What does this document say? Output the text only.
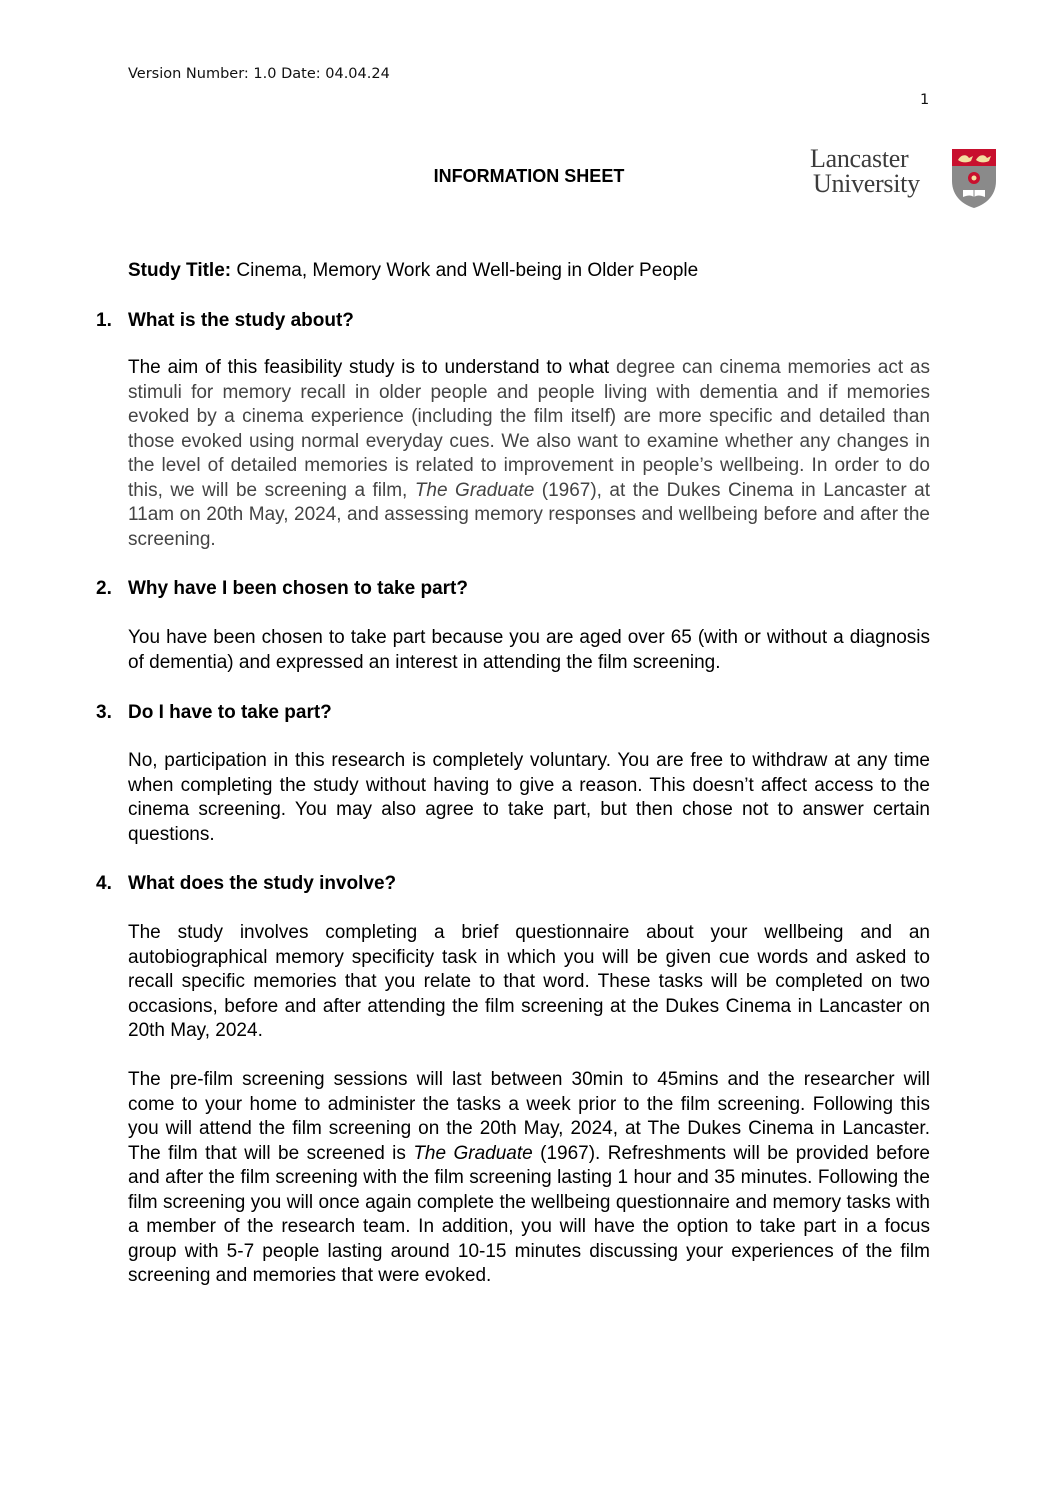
Version Number: 1.0 Date: 04.04.24
1
Lancaster
University
INFORMATION SHEET
Study Title: Cinema, Memory Work and Well-being in Older People
1. What is the study about?
The aim of this feasibility study is to understand to what degree can cinema memories act as stimuli for memory recall in older people and people living with dementia and if memories evoked by a cinema experience (including the film itself) are more specific and detailed than those evoked using normal everyday cues. We also want to examine whether any changes in the level of detailed memories is related to improvement in people’s wellbeing. In order to do this, we will be screening a film, The Graduate (1967), at the Dukes Cinema in Lancaster at 11am on 20th May, 2024, and assessing memory responses and wellbeing before and after the screening.
2. Why have I been chosen to take part?
You have been chosen to take part because you are aged over 65 (with or without a diagnosis of dementia) and expressed an interest in attending the film screening.
3. Do I have to take part?
No, participation in this research is completely voluntary. You are free to withdraw at any time when completing the study without having to give a reason. This doesn’t affect access to the cinema screening. You may also agree to take part, but then chose not to answer certain questions.
4. What does the study involve?
The study involves completing a brief questionnaire about your wellbeing and an autobiographical memory specificity task in which you will be given cue words and asked to recall specific memories that you relate to that word. These tasks will be completed on two occasions, before and after attending the film screening at the Dukes Cinema in Lancaster on 20th May, 2024.
The pre-film screening sessions will last between 30min to 45mins and the researcher will come to your home to administer the tasks a week prior to the film screening. Following this you will attend the film screening on the 20th May, 2024, at The Dukes Cinema in Lancaster. The film that will be screened is The Graduate (1967). Refreshments will be provided before and after the film screening with the film screening lasting 1 hour and 35 minutes. Following the film screening you will once again complete the wellbeing questionnaire and memory tasks with a member of the research team. In addition, you will have the option to take part in a focus group with 5-7 people lasting around 10-15 minutes discussing your experiences of the film screening and memories that were evoked.
